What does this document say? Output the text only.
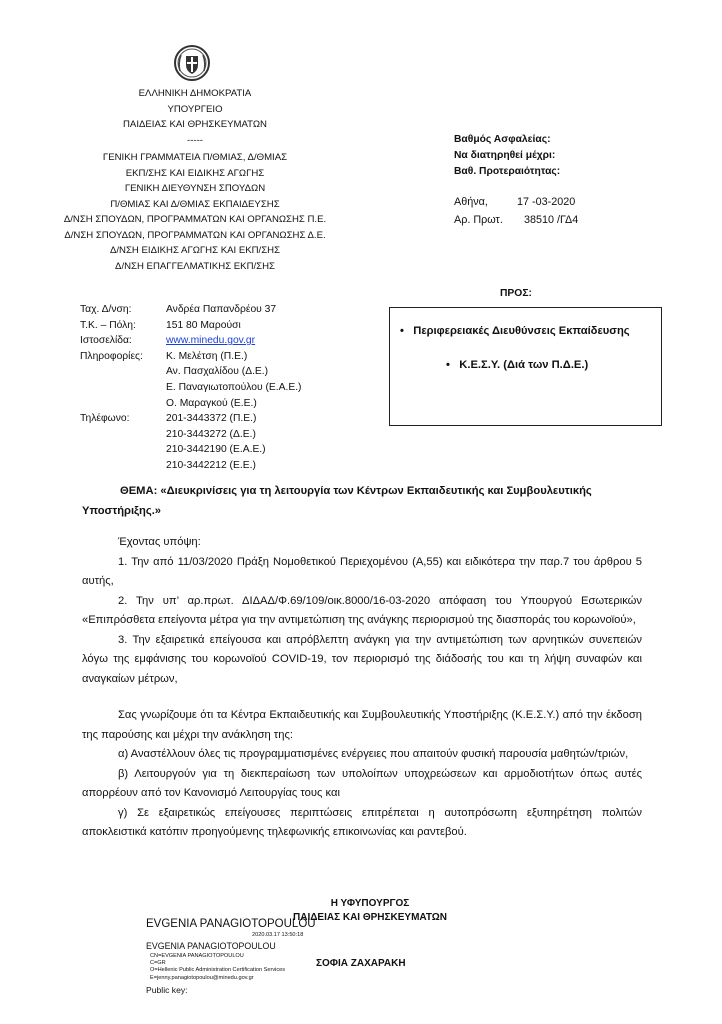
ΕΛΛΗΝΙΚΗ ΔΗΜΟΚΡΑΤΙΑ
ΥΠΟΥΡΓΕΙΟ
ΠΑΙΔΕΙΑΣ ΚΑΙ ΘΡΗΣΚΕΥΜΑΤΩΝ
-----
ΓΕΝΙΚΗ ΓΡΑΜΜΑΤΕΙΑ Π/ΘΜΙΑΣ, Δ/ΘΜΙΑΣ
ΕΚΠ/ΣΗΣ ΚΑΙ ΕΙΔΙΚΗΣ ΑΓΩΓΗΣ
ΓΕΝΙΚΗ ΔΙΕΥΘΥΝΣΗ ΣΠΟΥΔΩΝ
Π/ΘΜΙΑΣ ΚΑΙ Δ/ΘΜΙΑΣ ΕΚΠΑΙΔΕΥΣΗΣ
Δ/ΝΣΗ ΣΠΟΥΔΩΝ, ΠΡΟΓΡΑΜΜΑΤΩΝ ΚΑΙ ΟΡΓΑΝΩΣΗΣ Π.Ε.
Δ/ΝΣΗ ΣΠΟΥΔΩΝ, ΠΡΟΓΡΑΜΜΑΤΩΝ ΚΑΙ ΟΡΓΑΝΩΣΗΣ Δ.Ε.
Δ/ΝΣΗ ΕΙΔΙΚΗΣ ΑΓΩΓΗΣ ΚΑΙ ΕΚΠ/ΣΗΣ
Δ/ΝΣΗ ΕΠΑΓΓΕΛΜΑΤΙΚΗΣ ΕΚΠ/ΣΗΣ
Βαθμός Ασφαλείας:
Να διατηρηθεί μέχρι:
Βαθ. Προτεραιότητας:
Αθήνα,	17 -03-2020
Αρ. Πρωτ. 38510 /ΓΔ4
ΠΡΟΣ:
Ταχ. Δ/νση:	Ανδρέα Παπανδρέου 37
Τ.Κ. – Πόλη:	151 80 Μαρούσι
Ιστοσελίδα:	www.minedu.gov.gr
Πληροφορίες: Κ. Μελέτση (Π.Ε.)
Αν. Πασχαλίδου (Δ.Ε.)
Ε. Παναγιωτοπούλου (Ε.Α.Ε.)
Ο. Μαραγκού (Ε.Ε.)
Τηλέφωνο:	201-3443372 (Π.Ε.)
210-3443272 (Δ.Ε.)
210-3442190 (Ε.Α.Ε.)
210-3442212 (Ε.Ε.)
•   Περιφερειακές Διευθύνσεις Εκπαίδευσης
•   Κ.Ε.Σ.Υ. (Διά των Π.Δ.Ε.)
ΘΕΜΑ: «Διευκρινίσεις για τη λειτουργία των Κέντρων Εκπαιδευτικής και Συμβουλευτικής
Υποστήριξης.»
Έχοντας υπόψη:
1. Την από 11/03/2020 Πράξη Νομοθετικού Περιεχομένου (Α,55) και ειδικότερα την παρ.7 του άρθρου 5 αυτής,
2. Την υπ’ αρ.πρωτ. ΔΙΔΑΔ/Φ.69/109/οικ.8000/16-03-2020 απόφαση του Υπουργού Εσωτερικών «Επιπρόσθετα επείγοντα μέτρα για την αντιμετώπιση της ανάγκης περιορισμού της διασποράς του κορωνοϊού»,
3. Την εξαιρετικά επείγουσα και απρόβλεπτη ανάγκη για την αντιμετώπιση των αρνητικών συνεπειών λόγω της εμφάνισης του κορωνοϊού COVID-19, τον περιορισμό της διάδοσής του και τη λήψη συναφών και αναγκαίων μέτρων,
Σας γνωρίζουμε ότι τα Κέντρα Εκπαιδευτικής και Συμβουλευτικής Υποστήριξης (Κ.Ε.Σ.Υ.) από την έκδοση της παρούσης και μέχρι την ανάκληση της:
α) Αναστέλλουν όλες τις προγραμματισμένες ενέργειες που απαιτούν φυσική παρουσία μαθητών/τριών,
β) Λειτουργούν για τη διεκπεραίωση των υπολοίπων υποχρεώσεων και αρμοδιοτήτων όπως αυτές απορρέουν από τον Κανονισμό Λειτουργίας τους και
γ) Σε εξαιρετικώς επείγουσες περιπτώσεις επιτρέπεται η αυτοπρόσωπη εξυπηρέτηση πολιτών αποκλειστικά κατόπιν προηγούμενης τηλεφωνικής επικοινωνίας και ραντεβού.
Η ΥΦΥΠΟΥΡΓΟΣ
ΠΑΙΔΕΙΑΣ ΚΑΙ ΘΡΗΣΚΕΥΜΑΤΩΝ
EVGENIA PANAGIOTOPOULOU
2020.03.17 13:50:18
EVGENIA PANAGIOTOPOULOU
CN=EVGENIA PANAGIOTOPOULOU
C=GR
O=Hellenic Public Administration Certification Services
E=jenny.panagiotopoulou@minedu.gov.gr
Public key:
ΣΟΦΙΑ ΖΑΧΑΡΑΚΗ
